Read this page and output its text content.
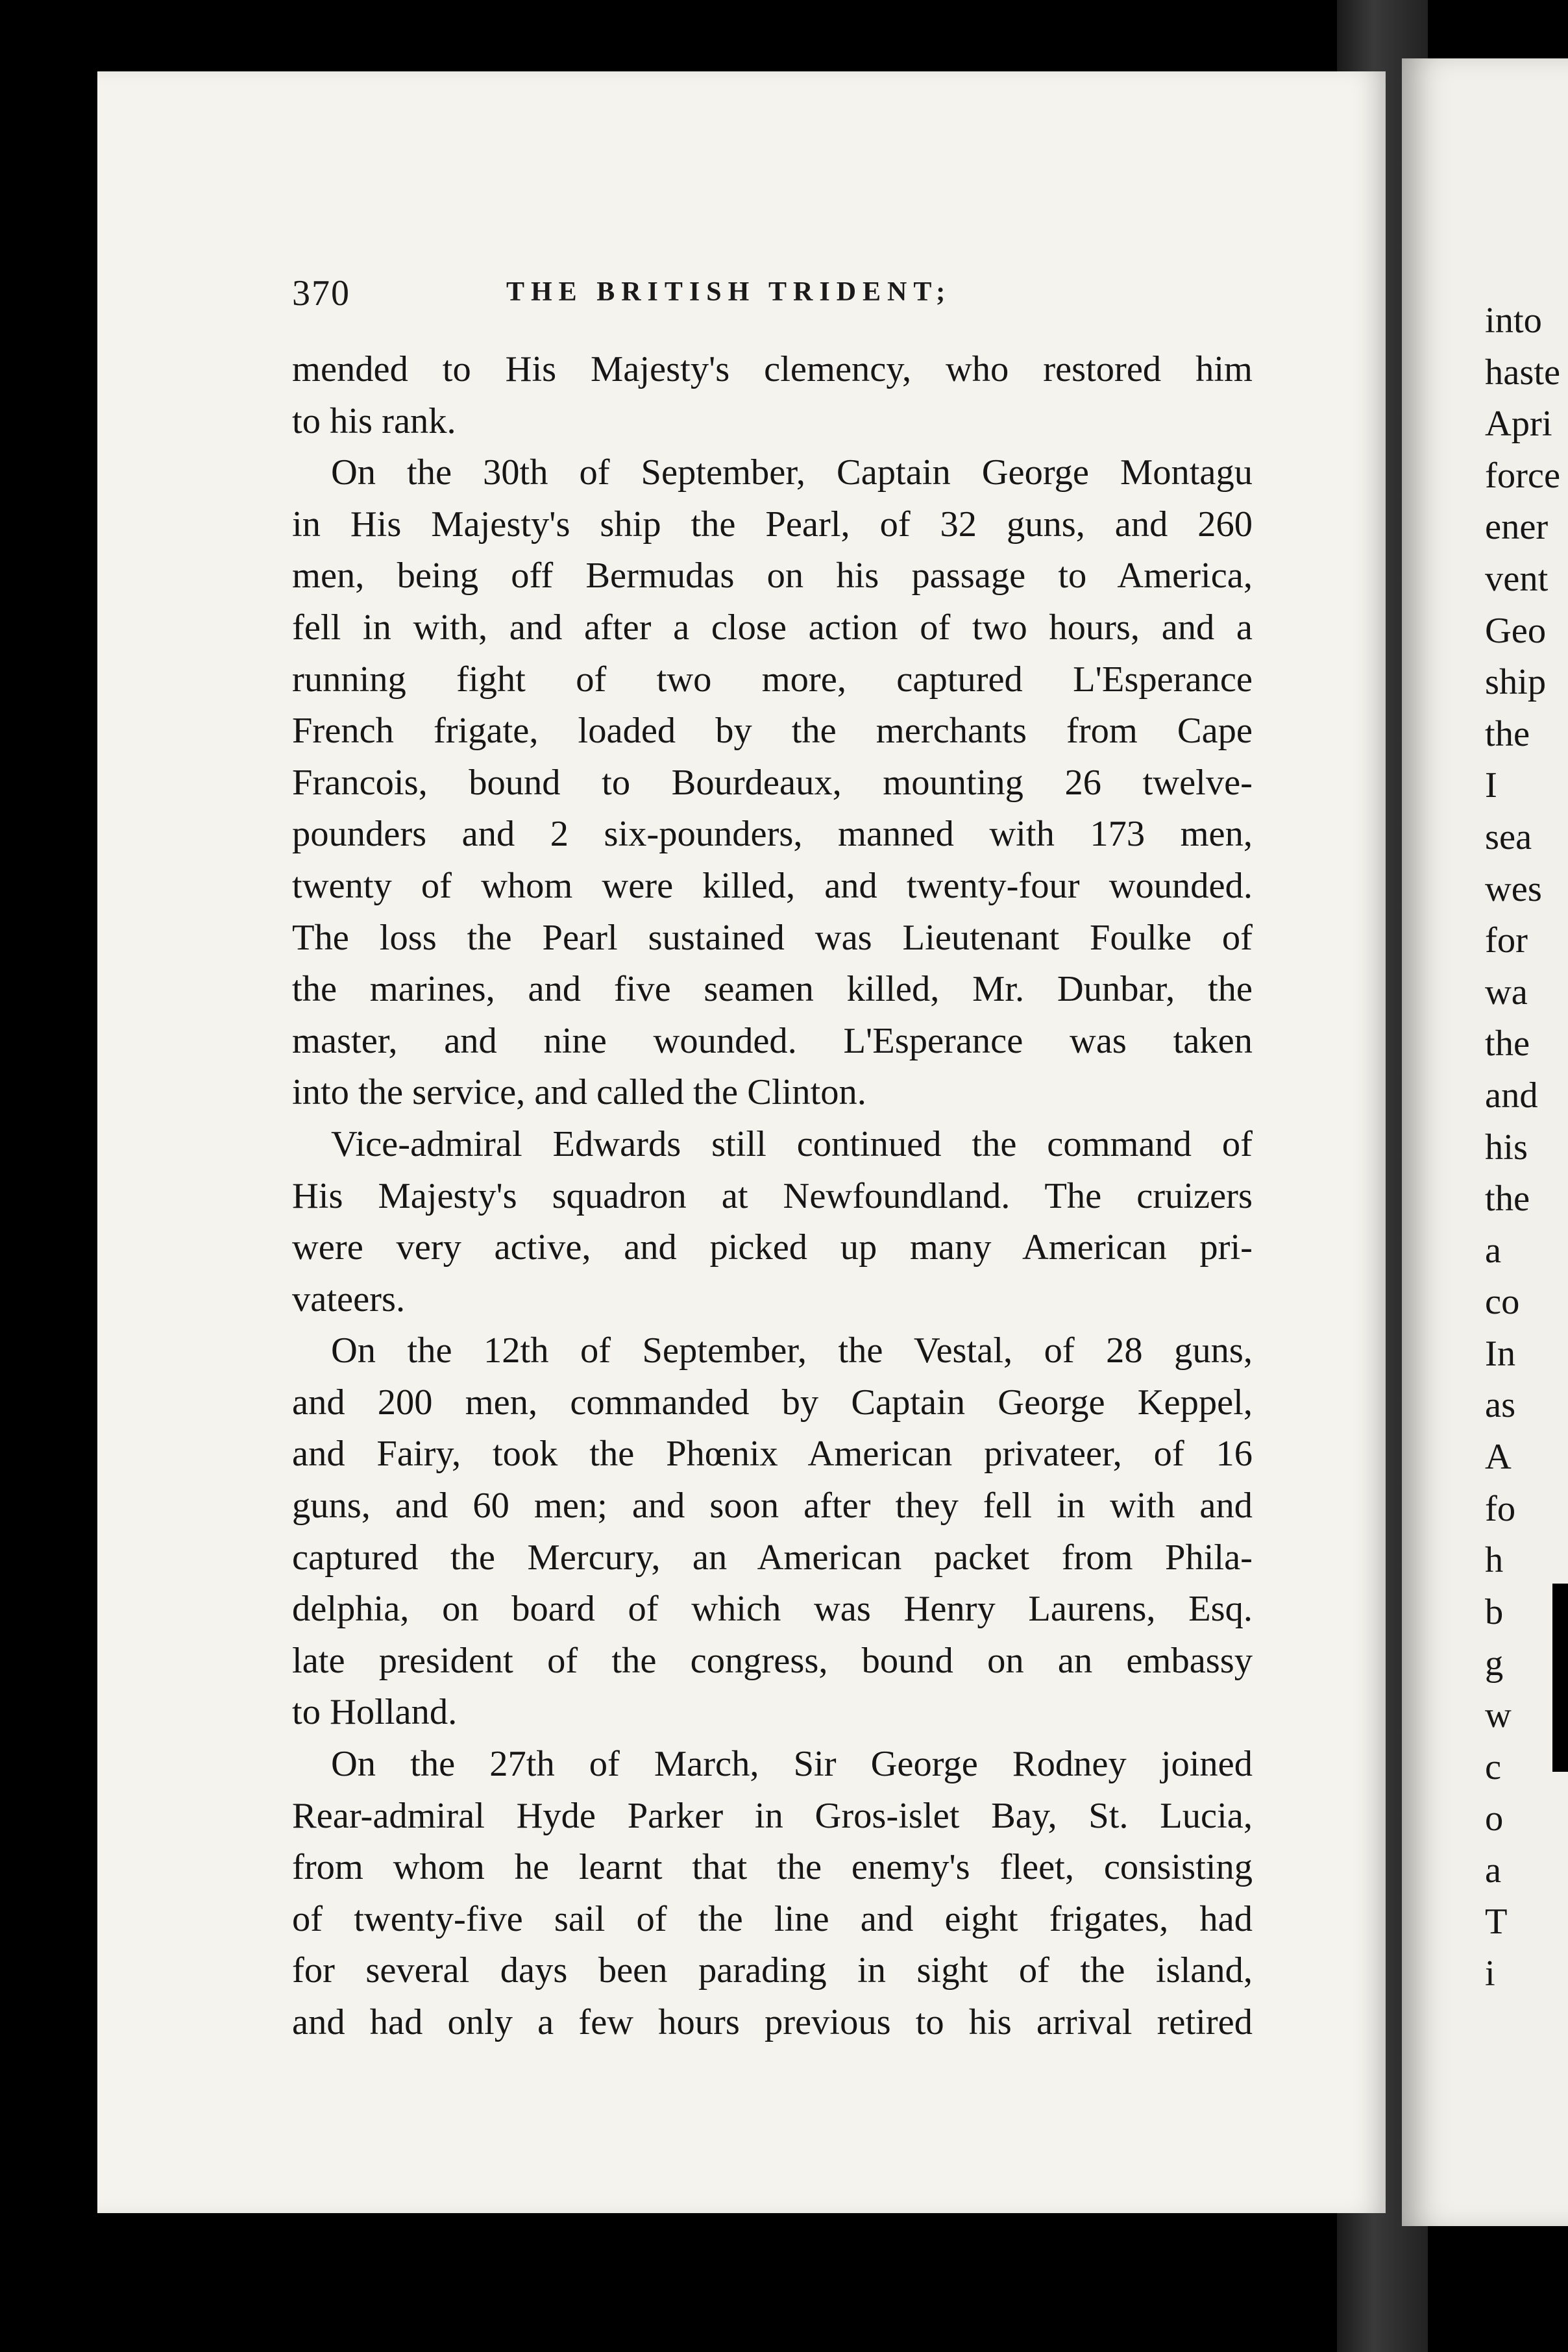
370	THE BRITISH TRIDENT;
mended to His Majesty's clemency, who restored him
to his rank.
On the 30th of September, Captain George Montagu
in His Majesty's ship the Pearl, of 32 guns, and 260
men, being off Bermudas on his passage to America,
fell in with, and after a close action of two hours, and a
running fight of two more, captured L'Esperance
French frigate, loaded by the merchants from Cape
Francois, bound to Bourdeaux, mounting 26 twelve-
pounders and 2 six-pounders, manned with 173 men,
twenty of whom were killed, and twenty-four wounded.
The loss the Pearl sustained was Lieutenant Foulke of
the marines, and five seamen killed, Mr. Dunbar, the
master, and nine wounded. L'Esperance was taken
into the service, and called the Clinton.
Vice-admiral Edwards still continued the command of
His Majesty's squadron at Newfoundland. The cruizers
were very active, and picked up many American pri-
vateers.
On the 12th of September, the Vestal, of 28 guns,
and 200 men, commanded by Captain George Keppel,
and Fairy, took the Phœnix American privateer, of 16
guns, and 60 men; and soon after they fell in with and
captured the Mercury, an American packet from Phila-
delphia, on board of which was Henry Laurens, Esq.
late president of the congress, bound on an embassy
to Holland.
On the 27th of March, Sir George Rodney joined
Rear-admiral Hyde Parker in Gros-islet Bay, St. Lucia,
from whom he learnt that the enemy's fleet, consisting
of twenty-five sail of the line and eight frigates, had
for several days been parading in sight of the island,
and had only a few hours previous to his arrival retired
into
haste
Apri
force
ener
vent
Geo
ship
the
I
sea
wes
for
wa
the
and
his
the
a
co
In
as
A
fo
h
b
g
w
c
o
a
T
i
